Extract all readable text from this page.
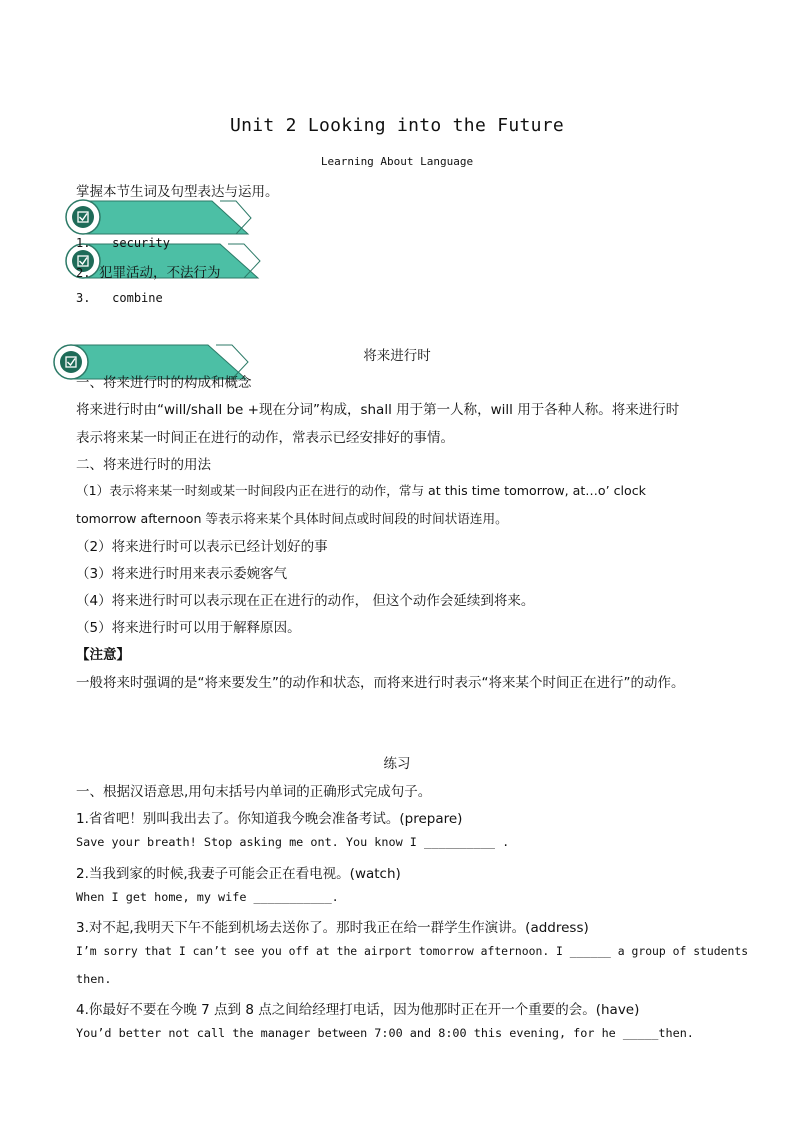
Unit 2 Looking into the Future
Learning About Language
掌握本节生词及句型表达与运用。
1. security
2. 犯罪活动，不法行为
3. combine
将来进行时
一、将来进行时的构成和概念
将来进行时由“will/shall be +现在分词”构成，shall 用于第一人称，will 用于各种人称。将来进行时
表示将来某一时间正在进行的动作，常表示已经安排好的事情。
二、将来进行时的用法
（1）表示将来某一时刻或某一时间段内正在进行的动作，常与 at this time tomorrow, at…o’ clock
tomorrow afternoon 等表示将来某个具体时间点或时间段的时间状语连用。
（2）将来进行时可以表示已经计划好的事
（3）将来进行时用来表示委婉客气
（4）将来进行时可以表示现在正在进行的动作， 但这个动作会延续到将来。
（5）将来进行时可以用于解释原因。
【注意】
一般将来时强调的是“将来要发生”的动作和状态，而将来进行时表示“将来某个时间正在进行”的动作。
练习
一、根据汉语意思,用句末括号内单词的正确形式完成句子。
1.省省吧！别叫我出去了。你知道我今晚会准备考试。(prepare)
Save your breath! Stop asking me ont. You know I __________ .
2.当我到家的时候,我妻子可能会正在看电视。(watch)
When I get home, my wife ___________.
3.对不起,我明天下午不能到机场去送你了。那时我正在给一群学生作演讲。(address)
I’m sorry that I can’t see you off at the airport tomorrow afternoon. I ______ a group of students
then.
4.你最好不要在今晚 7 点到 8 点之间给经理打电话，因为他那时正在开一个重要的会。(have)
You’d better not call the manager between 7:00 and 8:00 this evening, for he _____then.
